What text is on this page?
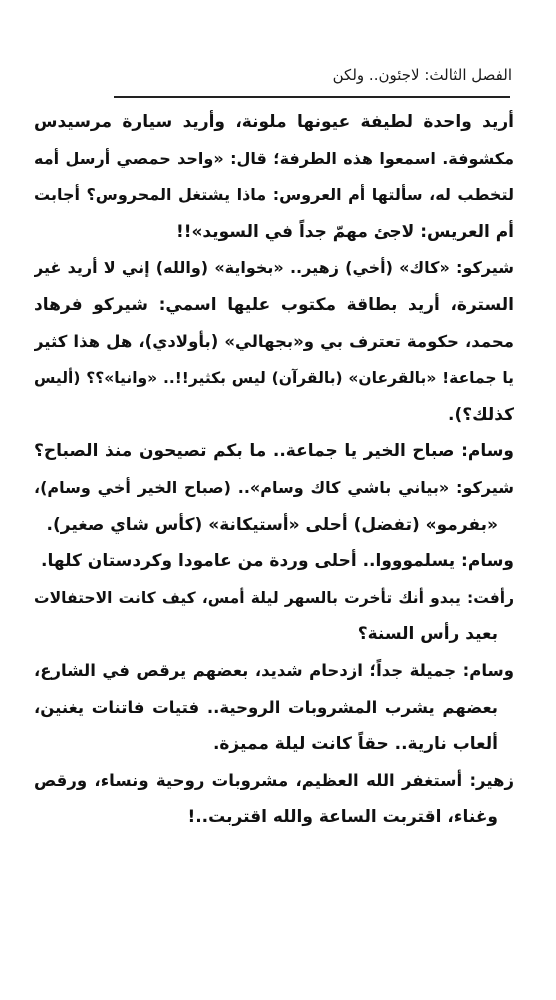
الفصل الثالث: لاجئون.. ولكن
أريد واحدة لطيفة عيونها ملونة، وأريد سيارة مرسيدس
مكشوفة. اسمعوا هذه الطرفة؛ قال: «واحد حمصي أرسل أمه
لتخطب له، سألتها أم العروس: ماذا يشتغل المحروس؟ أجابت
أم العريس: لاجئ مهمّ جداً في السويد»!!
شيركو: «كاك» (أخي) زهير.. «بخواية» (والله) إني لا أريد غير
السترة، أريد بطاقة مكتوب عليها اسمي: شيركو فرهاد
محمد، حكومة تعترف بي و«بجهالي» (بأولادي)، هل هذا كثير
يا جماعة! «بالقرعان» (بالقرآن) ليس بكثير!!.. «وانيا»؟؟ (أليس
كذلك؟).
وسام: صباح الخير يا جماعة.. ما بكم تصيحون منذ الصباح؟
شيركو: «بياني باشي كاك وسام».. (صباح الخير أخي وسام)،
«بفرمو» (تفضل) أحلى «أستيكانة» (كأس شاي صغير).
وسام: يسلموووا.. أحلى وردة من عامودا وكردستان كلها.
رأفت: يبدو أنك تأخرت بالسهر ليلة أمس، كيف كانت الاحتفالات
بعيد رأس السنة؟
وسام: جميلة جداً؛ ازدحام شديد، بعضهم يرقص في الشارع،
بعضهم يشرب المشروبات الروحية.. فتيات فاتنات يغنين،
ألعاب نارية.. حقاً كانت ليلة مميزة.
زهير: أستغفر الله العظيم، مشروبات روحية ونساء، ورقص
وغناء، اقتربت الساعة والله اقتربت..!
